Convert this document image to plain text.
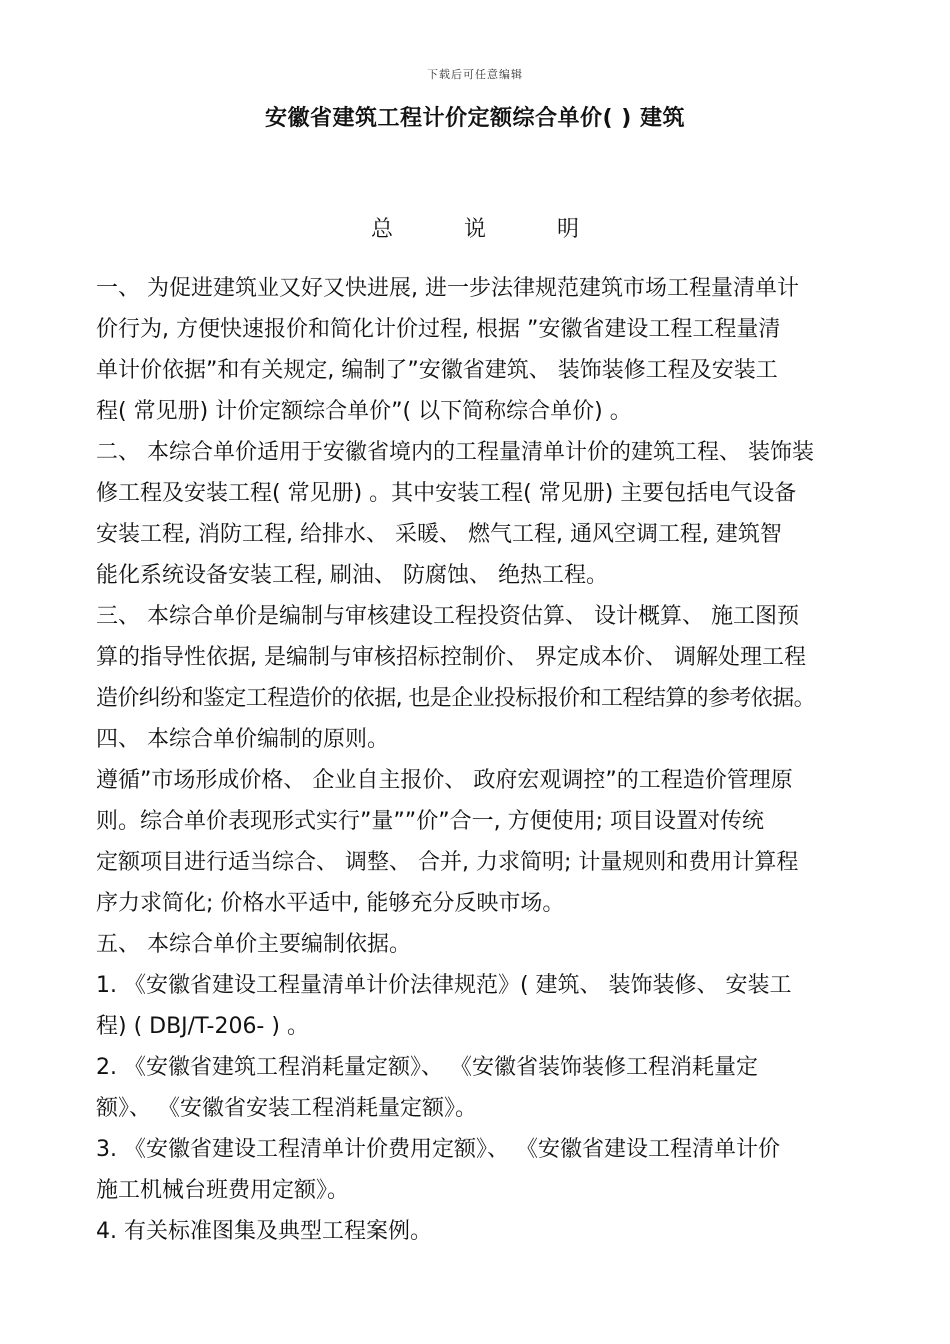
下载后可任意编辑
安徽省建筑工程计价定额综合单价( ) 建筑
总 说 明
一、 为促进建筑业又好又快进展, 进一步法律规范建筑市场工程量清单计
价行为, 方便快速报价和简化计价过程, 根据 ”安徽省建设工程工程量清
单计价依据”和有关规定, 编制了”安徽省建筑、 装饰装修工程及安装工
程( 常见册) 计价定额综合单价”( 以下简称综合单价) 。
二、 本综合单价适用于安徽省境内的工程量清单计价的建筑工程、 装饰装
修工程及安装工程( 常见册) 。其中安装工程( 常见册) 主要包括电气设备
安装工程, 消防工程, 给排水、 采暖、 燃气工程, 通风空调工程, 建筑智
能化系统设备安装工程, 刷油、 防腐蚀、 绝热工程。
三、 本综合单价是编制与审核建设工程投资估算、 设计概算、 施工图预
算的指导性依据, 是编制与审核招标控制价、 界定成本价、 调解处理工程
造价纠纷和鉴定工程造价的依据, 也是企业投标报价和工程结算的参考依据。
四、 本综合单价编制的原则。
遵循”市场形成价格、 企业自主报价、 政府宏观调控”的工程造价管理原
则。综合单价表现形式实行”量””价”合一, 方便使用; 项目设置对传统
定额项目进行适当综合、 调整、 合并, 力求简明; 计量规则和费用计算程
序力求简化; 价格水平适中, 能够充分反映市场。
五、 本综合单价主要编制依据。
1. 《安徽省建设工程量清单计价法律规范》( 建筑、 装饰装修、 安装工
程) ( DBJ/T-206- ) 。
2. 《安徽省建筑工程消耗量定额》、 《安徽省装饰装修工程消耗量定
额》、 《安徽省安装工程消耗量定额》。
3. 《安徽省建设工程清单计价费用定额》、 《安徽省建设工程清单计价
施工机械台班费用定额》。
4. 有关标准图集及典型工程案例。
